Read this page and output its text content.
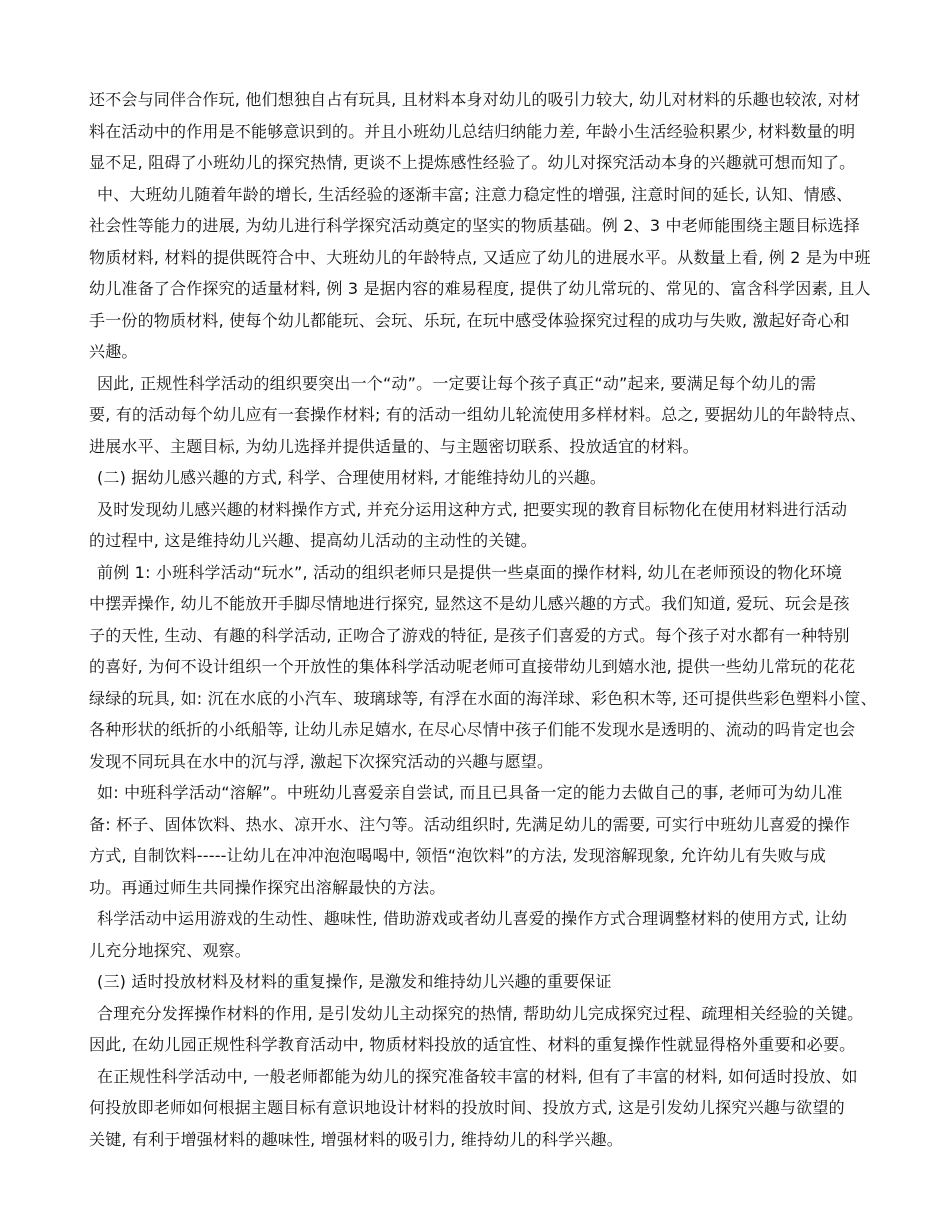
还不会与同伴合作玩, 他们想独自占有玩具, 且材料本身对幼儿的吸引力较大, 幼儿对材料的乐趣也较浓, 对材
料在活动中的作用是不能够意识到的。并且小班幼儿总结归纳能力差, 年龄小生活经验积累少, 材料数量的明
显不足, 阻碍了小班幼儿的探究热情, 更谈不上提炼感性经验了。幼儿对探究活动本身的兴趣就可想而知了。
中、大班幼儿随着年龄的增长, 生活经验的逐渐丰富; 注意力稳定性的增强, 注意时间的延长, 认知、情感、
社会性等能力的进展, 为幼儿进行科学探究活动奠定的坚实的物质基础。例 2、3 中老师能围绕主题目标选择
物质材料, 材料的提供既符合中、大班幼儿的年龄特点, 又适应了幼儿的进展水平。从数量上看, 例 2 是为中班
幼儿准备了合作探究的适量材料, 例 3 是据内容的难易程度, 提供了幼儿常玩的、常见的、富含科学因素, 且人
手一份的物质材料, 使每个幼儿都能玩、会玩、乐玩, 在玩中感受体验探究过程的成功与失败, 激起好奇心和
兴趣。
因此, 正规性科学活动的组织要突出一个“动”。一定要让每个孩子真正“动”起来, 要满足每个幼儿的需
要, 有的活动每个幼儿应有一套操作材料; 有的活动一组幼儿轮流使用多样材料。总之, 要据幼儿的年龄特点、
进展水平、主题目标, 为幼儿选择并提供适量的、与主题密切联系、投放适宜的材料。
(二) 据幼儿感兴趣的方式, 科学、合理使用材料, 才能维持幼儿的兴趣。
及时发现幼儿感兴趣的材料操作方式, 并充分运用这种方式, 把要实现的教育目标物化在使用材料进行活动
的过程中, 这是维持幼儿兴趣、提高幼儿活动的主动性的关键。
前例 1: 小班科学活动“玩水”, 活动的组织老师只是提供一些桌面的操作材料, 幼儿在老师预设的物化环境
中摆弄操作, 幼儿不能放开手脚尽情地进行探究, 显然这不是幼儿感兴趣的方式。我们知道, 爱玩、玩会是孩
子的天性, 生动、有趣的科学活动, 正吻合了游戏的特征, 是孩子们喜爱的方式。每个孩子对水都有一种特别
的喜好, 为何不设计组织一个开放性的集体科学活动呢老师可直接带幼儿到嬉水池, 提供一些幼儿常玩的花花
绿绿的玩具, 如: 沉在水底的小汽车、玻璃球等, 有浮在水面的海洋球、彩色积木等, 还可提供些彩色塑料小筐、
各种形状的纸折的小纸船等, 让幼儿赤足嬉水, 在尽心尽情中孩子们能不发现水是透明的、流动的吗肯定也会
发现不同玩具在水中的沉与浮, 激起下次探究活动的兴趣与愿望。
如: 中班科学活动“溶解”。中班幼儿喜爱亲自尝试, 而且已具备一定的能力去做自己的事, 老师可为幼儿准
备: 杯子、固体饮料、热水、凉开水、注勺等。活动组织时, 先满足幼儿的需要, 可实行中班幼儿喜爱的操作
方式, 自制饮料-----让幼儿在冲冲泡泡喝喝中, 领悟“泡饮料”的方法, 发现溶解现象, 允许幼儿有失败与成
功。再通过师生共同操作探究出溶解最快的方法。
科学活动中运用游戏的生动性、趣味性, 借助游戏或者幼儿喜爱的操作方式合理调整材料的使用方式, 让幼
儿充分地探究、观察。
(三) 适时投放材料及材料的重复操作, 是激发和维持幼儿兴趣的重要保证
合理充分发挥操作材料的作用, 是引发幼儿主动探究的热情, 帮助幼儿完成探究过程、疏理相关经验的关键。
因此, 在幼儿园正规性科学教育活动中, 物质材料投放的适宜性、材料的重复操作性就显得格外重要和必要。
在正规性科学活动中, 一般老师都能为幼儿的探究准备较丰富的材料, 但有了丰富的材料, 如何适时投放、如
何投放即老师如何根据主题目标有意识地设计材料的投放时间、投放方式, 这是引发幼儿探究兴趣与欲望的
关键, 有利于增强材料的趣味性, 增强材料的吸引力, 维持幼儿的科学兴趣。
